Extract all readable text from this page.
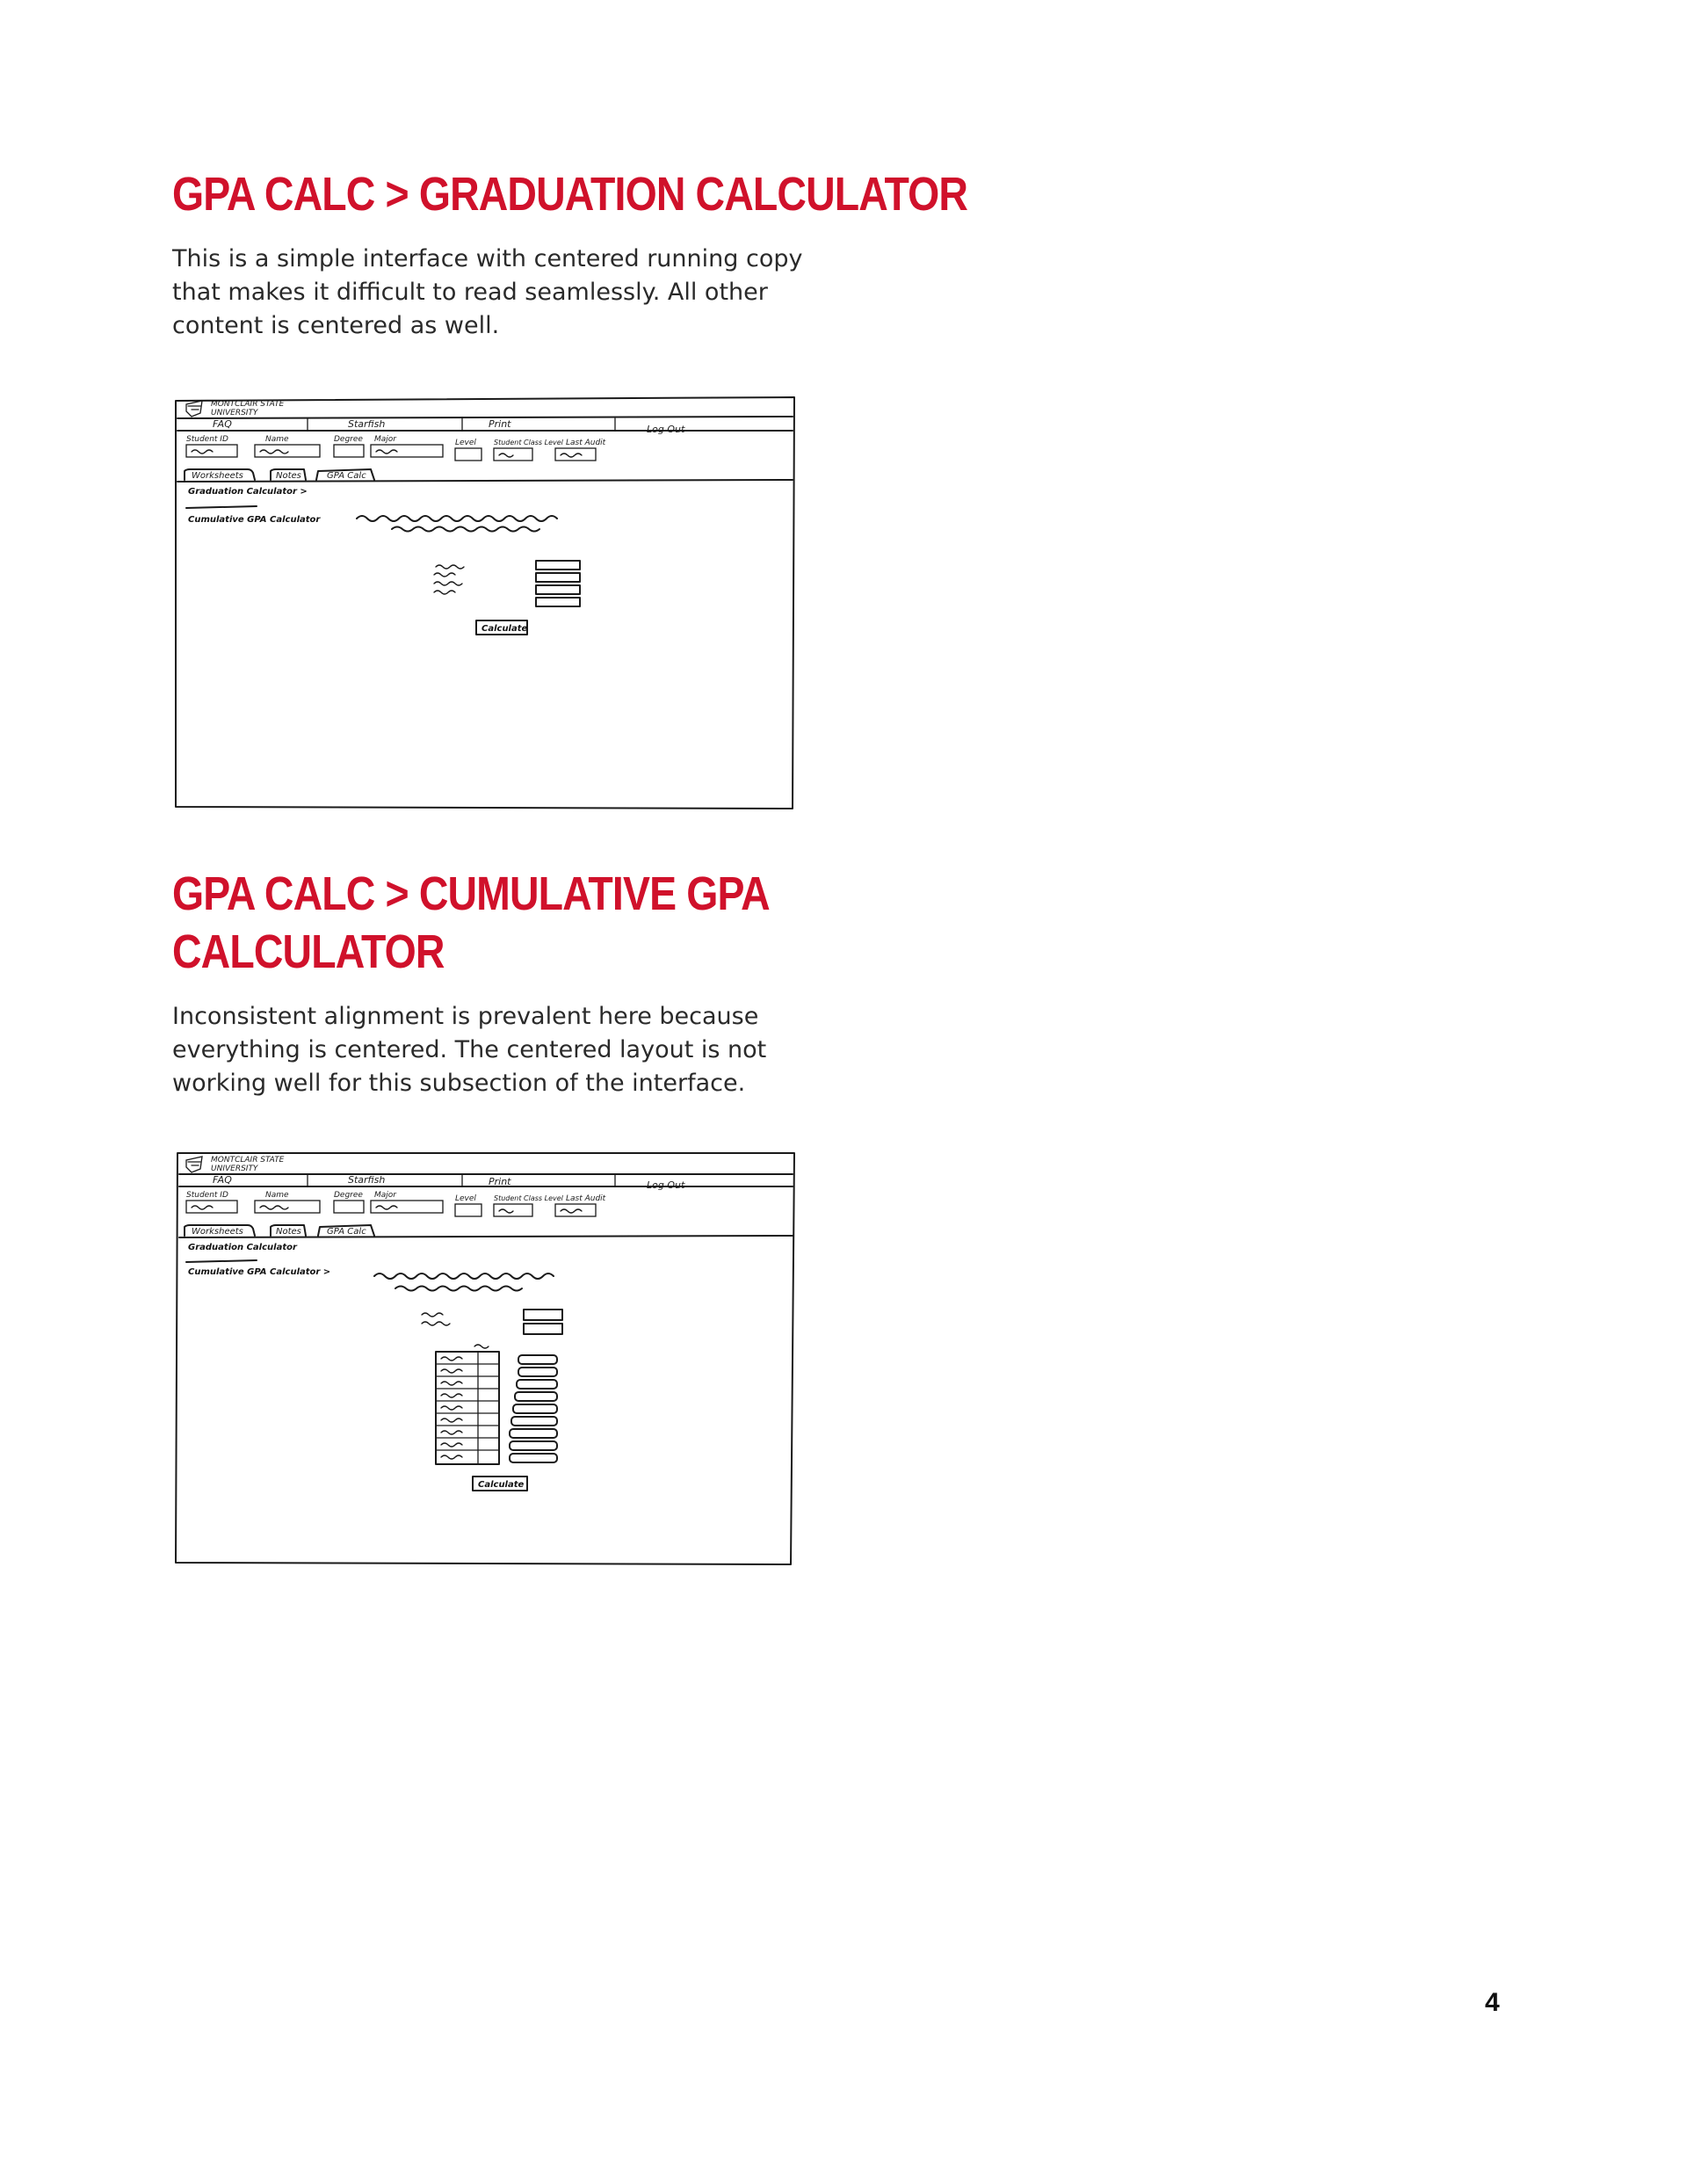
GPA CALC > GRADUATION CALCULATOR

This is a simple interface with centered running copy
that makes it difficult to read seamlessly. All other
content is centered as well.

MONTCLAIR STATE
UNIVERSITY
FAQ	Starfish	Print	Log Out
Student ID	Name	Degree Major	Level	Student Class Level Last Audit
Worksheets	Notes	GPA Calc
Graduation Calculator >
Cumulative GPA Calculator
Calculate
GPA CALC > CUMULATIVE GPA
CALCULATOR

Inconsistent alignment is prevalent here because
everything is centered. The centered layout is not
working well for this subsection of the interface.

MONTCLAIR STATE
UNIVERSITY
FAQ	Starfish	Print	Log Out
Student ID	Name	Degree Major	Level	Student Class Level Last Audit
Worksheets	Notes	GPA Calc
Graduation Calculator
Cumulative GPA Calculator >
Calculate

4
